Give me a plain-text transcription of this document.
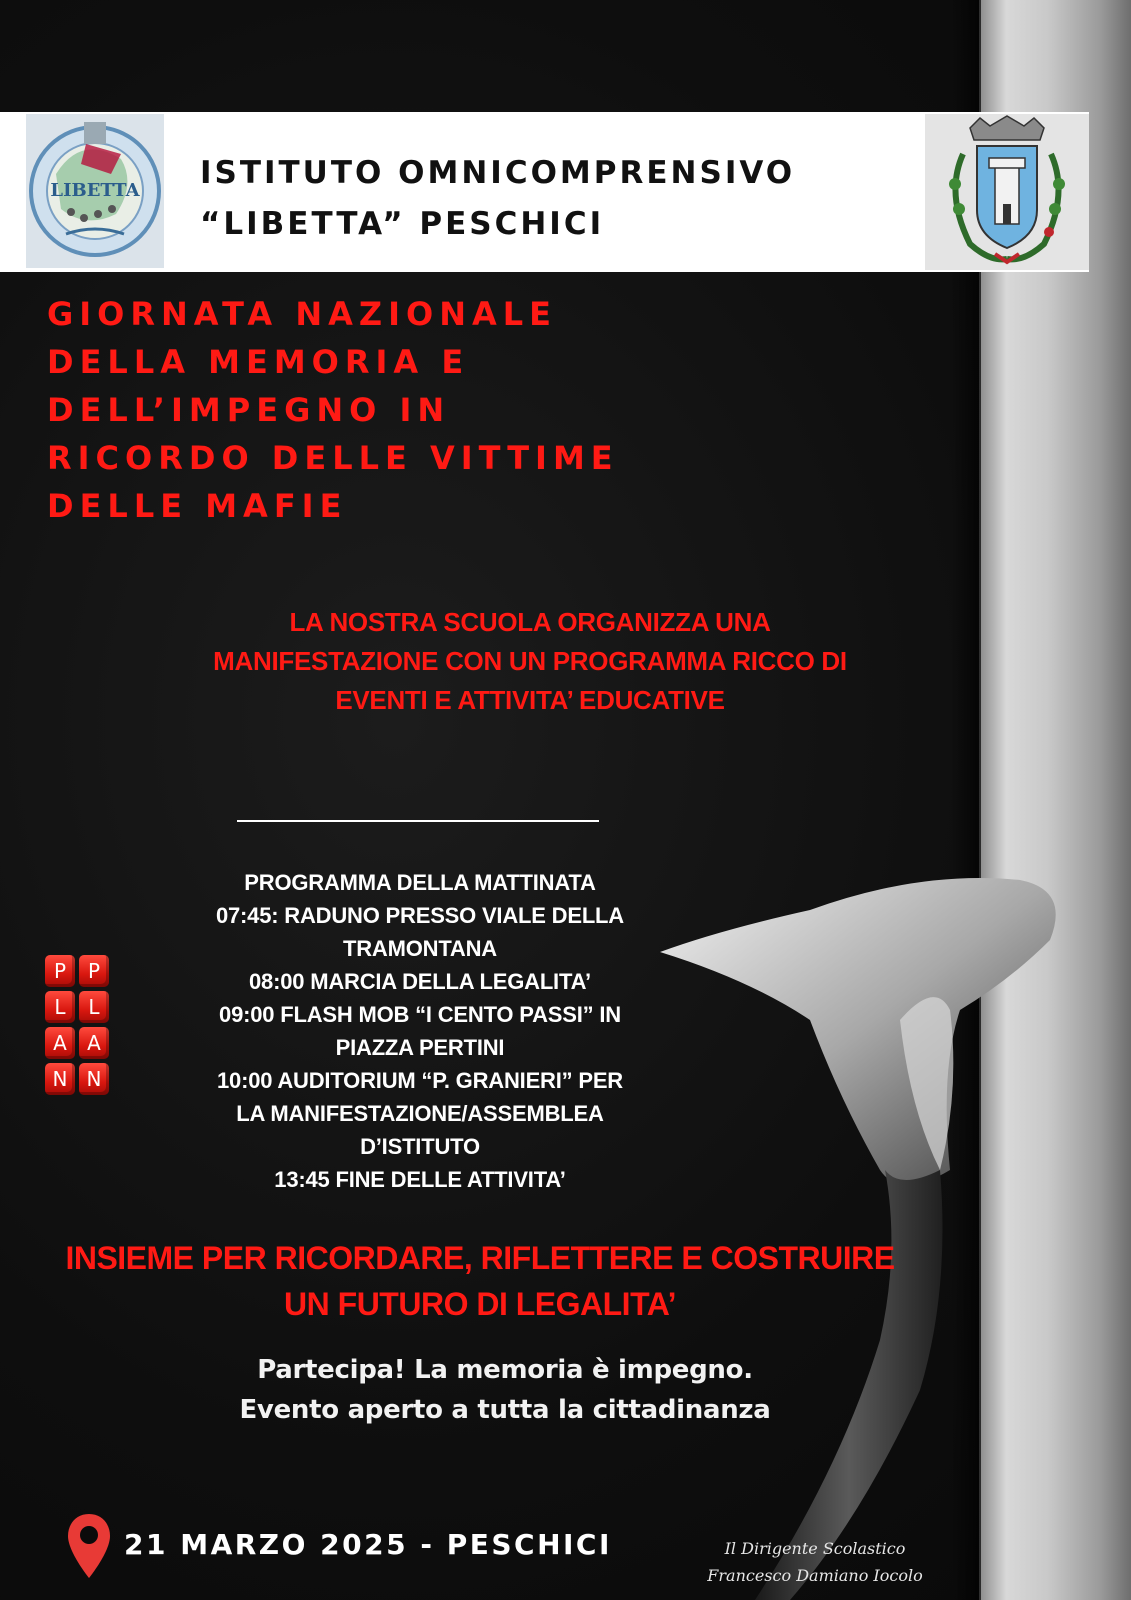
LIBETTA ISTITUTO OMNICOMPRENSIVO
“LIBETTA” PESCHICI
GIORNATA NAZIONALE
DELLA MEMORIA E
DELL’IMPEGNO IN
RICORDO DELLE VITTIME
DELLE MAFIE
LA NOSTRA SCUOLA ORGANIZZA UNA
MANIFESTAZIONE CON UN PROGRAMMA RICCO DI
EVENTI E ATTIVITA’ EDUCATIVE
P	P
L	L
A	A
N N
PROGRAMMA DELLA MATTINATA
07:45: RADUNO PRESSO VIALE DELLA
TRAMONTANA
08:00 MARCIA DELLA LEGALITA’
09:00 FLASH MOB “I CENTO PASSI” IN
PIAZZA PERTINI
10:00 AUDITORIUM “P. GRANIERI” PER
LA MANIFESTAZIONE/ASSEMBLEA
D’ISTITUTO
13:45 FINE DELLE ATTIVITA’
INSIEME PER RICORDARE, RIFLETTERE E COSTRUIRE
UN FUTURO DI LEGALITA’
Partecipa! La memoria è impegno.
Evento aperto a tutta la cittadinanza
21 MARZO 2025 - PESCHICI	Il Dirigente Scolastico
Francesco Damiano Iocolo
